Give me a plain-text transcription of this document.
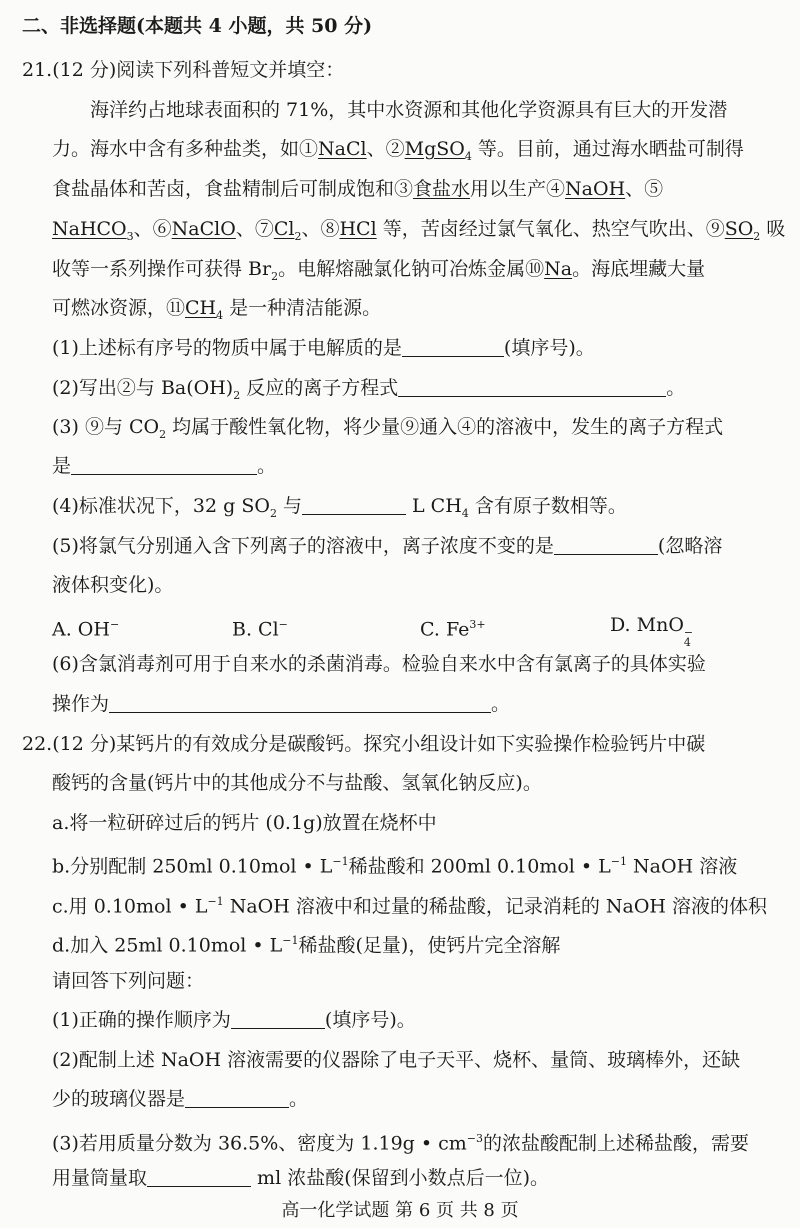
二、非选择题(本题共 4 小题，共 50 分)
21.(12 分)阅读下列科普短文并填空：
海洋约占地球表面积的 71%，其中水资源和其他化学资源具有巨大的开发潜
力。海水中含有多种盐类，如①NaCl、②MgSO$_4$ 等。目前，通过海水晒盐可制得
食盐晶体和苦卤，食盐精制后可制成饱和③食盐水用以生产④NaOH、⑤
NaHCO$_3$、⑥NaClO、$⑦Cl_2$、⑧HCl 等，苦卤经过氯气氧化、热空气吹出、$⑨SO_2$ 吸
收等一系列操作可获得 $Br_2$。电解熔融氯化钠可冶炼金属⑩Na。海底埋藏大量
可燃冰资源，$⑪CH_4$ 是一种清洁能源。
(1)上述标有序号的物质中属于电解质的是	(填序号)。
(2)写出②与 $Ba(OH)_2$ 反应的离子方程式	。
(3) ⑨与 $CO_2$ 均属于酸性氧化物，将少量⑨通入④的溶液中，发生的离子方程式
是	。
(4)标准状况下，32 g $SO_2$ 与	L $CH_4$ 含有原子数相等。
(5)将氯气分别通入含下列离子的溶液中，离子浓度不变的是	(忽略溶
液体积变化)。
A. OH−	B. Cl−	C. $Fe^{3+}$	D. MnO −
4
(6)含氯消毒剂可用于自来水的杀菌消毒。检验自来水中含有氯离子的具体实验
操作为	。
22.(12 分)某钙片的有效成分是碳酸钙。探究小组设计如下实验操作检验钙片中碳
酸钙的含量(钙片中的其他成分不与盐酸、氢氧化钠反应)。
a.将一粒研碎过后的钙片 (0.1g)放置在烧杯中
b.分别配制 250ml 0.10mol • $L^{-1}$稀盐酸和 200ml 0.10mol • $L^{-1}$ NaOH 溶液
c.用 0.10mol • $L^{-1}$ NaOH 溶液中和过量的稀盐酸，记录消耗的 NaOH 溶液的体积
d.加入 25ml 0.10mol • $L^{-1}$稀盐酸(足量)，使钙片完全溶解
请回答下列问题：
(1)正确的操作顺序为	(填序号)。
(2)配制上述 NaOH 溶液需要的仪器除了电子天平、烧杯、量筒、玻璃棒外，还缺
少的玻璃仪器是	。
(3)若用质量分数为 36.5%、密度为 1.19g • $cm^{-3}$的浓盐酸配制上述稀盐酸，需要
用量筒量取	ml 浓盐酸(保留到小数点后一位)。
高一化学试题 第 6 页 共 8 页
